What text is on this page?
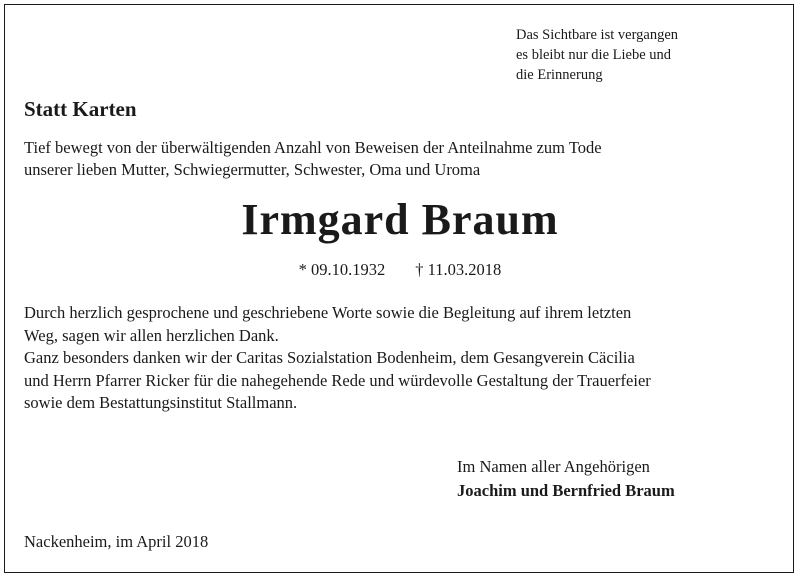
Das Sichtbare ist vergangen
es bleibt nur die Liebe und
die Erinnerung
Statt Karten
Tief bewegt von der überwältigenden Anzahl von Beweisen der Anteilnahme zum Tode
unserer lieben Mutter, Schwiegermutter, Schwester, Oma und Uroma
Irmgard Braum
* 09.10.1932 † 11.03.2018
Durch herzlich gesprochene und geschriebene Worte sowie die Begleitung auf ihrem letzten
Weg, sagen wir allen herzlichen Dank.
Ganz besonders danken wir der Caritas Sozialstation Bodenheim, dem Gesangverein Cäcilia
und Herrn Pfarrer Ricker für die nahegehende Rede und würdevolle Gestaltung der Trauerfeier
sowie dem Bestattungsinstitut Stallmann.
Im Namen aller Angehörigen
Joachim und Bernfried Braum
Nackenheim, im April 2018
